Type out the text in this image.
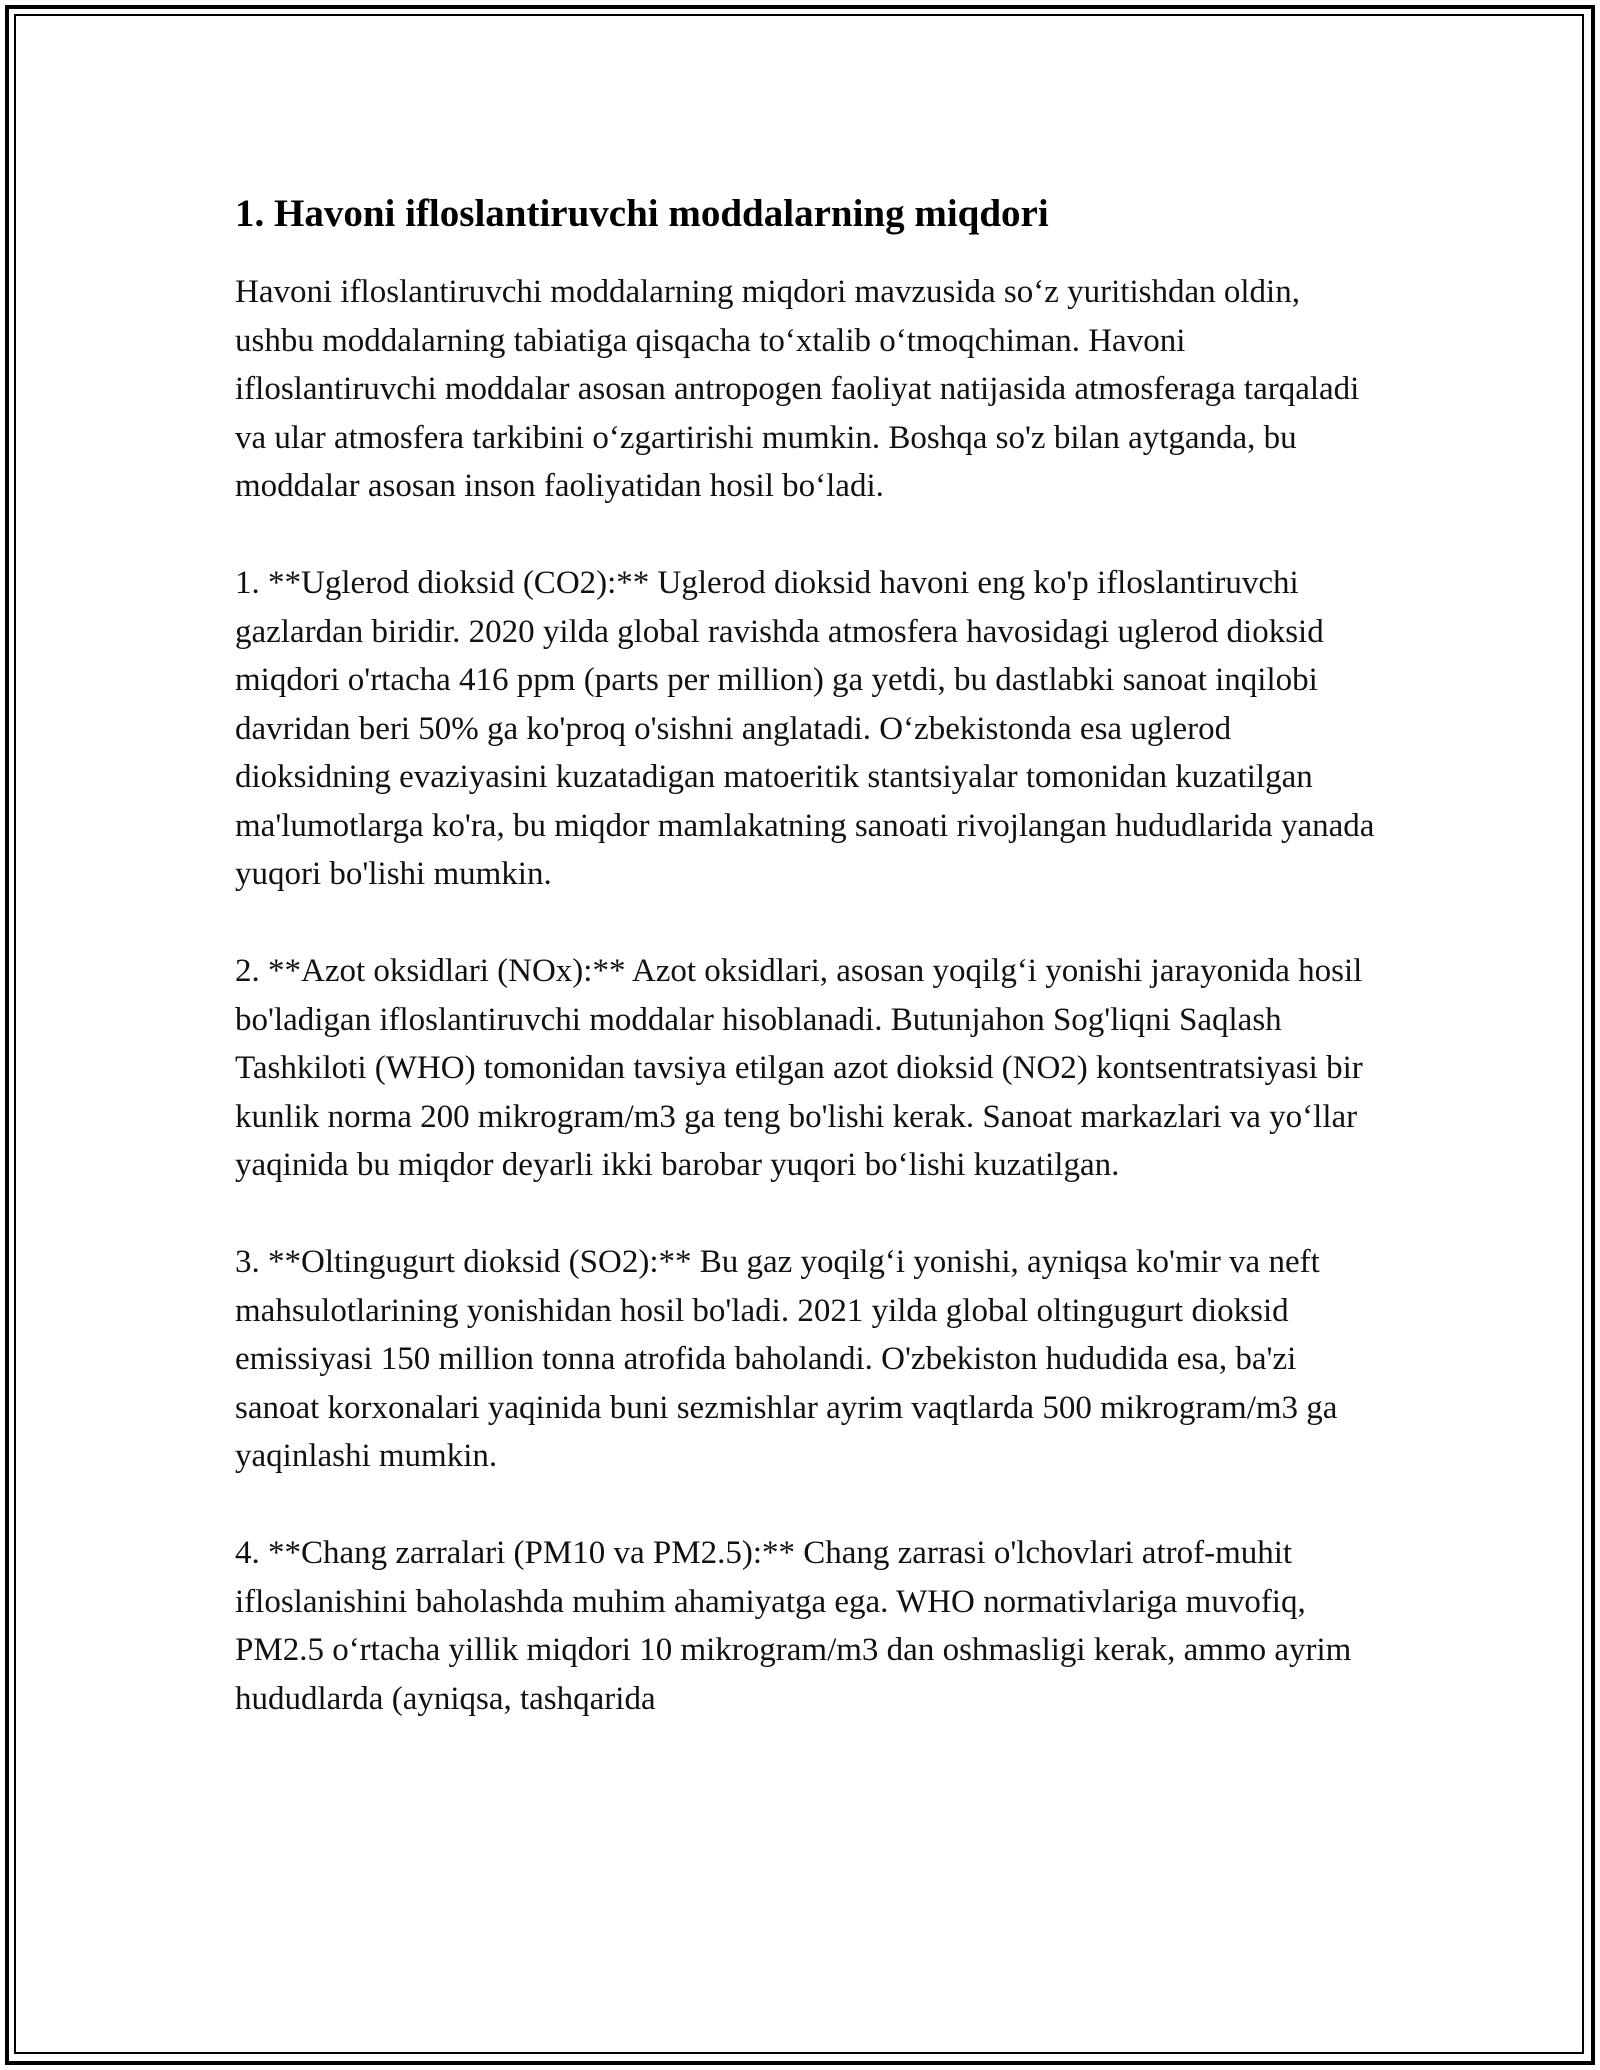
1. Havoni ifloslantiruvchi moddalarning miqdori

Havoni ifloslantiruvchi moddalarning miqdori mavzusida so‘z yuritishdan oldin, ushbu moddalarning tabiatiga qisqacha to‘xtalib o‘tmoqchiman. Havoni ifloslantiruvchi moddalar asosan antropogen faoliyat natijasida atmosferaga tarqaladi va ular atmosfera tarkibini o‘zgartirishi mumkin. Boshqa so'z bilan aytganda, bu moddalar asosan inson faoliyatidan hosil bo‘ladi.

1. **Uglerod dioksid (CO2):** Uglerod dioksid havoni eng ko'p ifloslantiruvchi gazlardan biridir. 2020 yilda global ravishda atmosfera havosidagi uglerod dioksid miqdori o'rtacha 416 ppm (parts per million) ga yetdi, bu dastlabki sanoat inqilobi davridan beri 50% ga ko'proq o'sishni anglatadi. O‘zbekistonda esa uglerod dioksidning evaziyasini kuzatadigan matoeritik stantsiyalar tomonidan kuzatilgan ma'lumotlarga ko'ra, bu miqdor mamlakatning sanoati rivojlangan hududlarida yanada yuqori bo'lishi mumkin.

2. **Azot oksidlari (NOx):** Azot oksidlari, asosan yoqilg‘i yonishi jarayonida hosil bo'ladigan ifloslantiruvchi moddalar hisoblanadi. Butunjahon Sog'liqni Saqlash Tashkiloti (WHO) tomonidan tavsiya etilgan azot dioksid (NO2) kontsentratsiyasi bir kunlik norma 200 mikrogram/m3 ga teng bo'lishi kerak. Sanoat markazlari va yo‘llar yaqinida bu miqdor deyarli ikki barobar yuqori bo‘lishi kuzatilgan.

3. **Oltingugurt dioksid (SO2):** Bu gaz yoqilg‘i yonishi, ayniqsa ko'mir va neft mahsulotlarining yonishidan hosil bo'ladi. 2021 yilda global oltingugurt dioksid emissiyasi 150 million tonna atrofida baholandi. O'zbekiston hududida esa, ba'zi sanoat korxonalari yaqinida buni sezmishlar ayrim vaqtlarda 500 mikrogram/m3 ga yaqinlashi mumkin.

4. **Chang zarralari (PM10 va PM2.5):** Chang zarrasi o'lchovlari atrof-muhit ifloslanishini baholashda muhim ahamiyatga ega. WHO normativlariga muvofiq, PM2.5 o‘rtacha yillik miqdori 10 mikrogram/m3 dan oshmasligi kerak, ammo ayrim hududlarda (ayniqsa, tashqarida
